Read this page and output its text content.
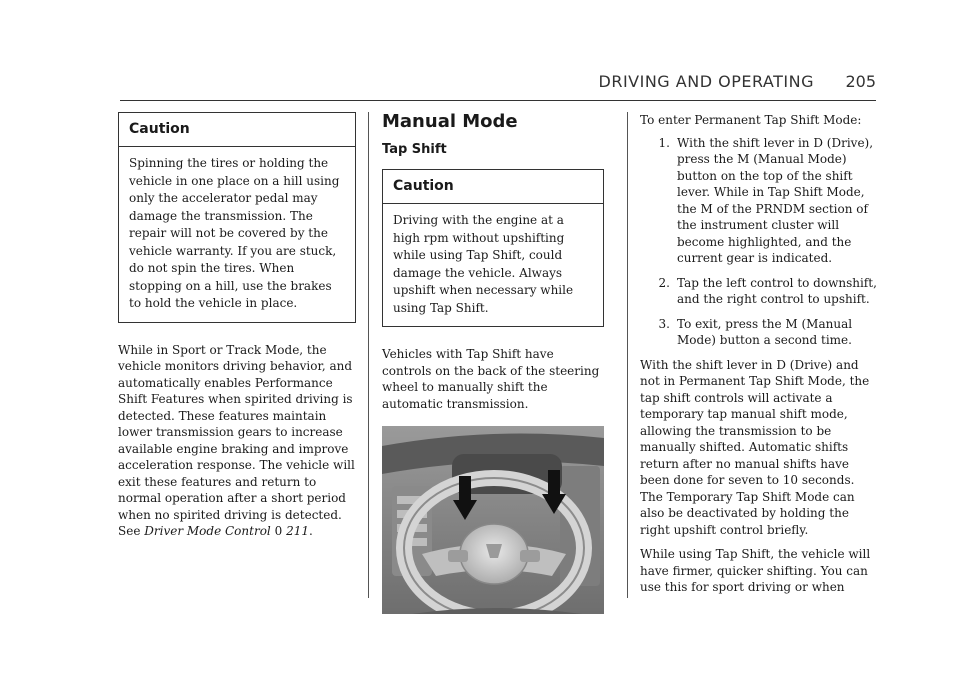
DRIVING AND OPERATING 205
Caution
Spinning the tires or holding the vehicle in one place on a hill using only the accelerator pedal may damage the transmission. The repair will not be covered by the vehicle warranty. If you are stuck, do not spin the tires. When stopping on a hill, use the brakes to hold the vehicle in place.

While in Sport or Track Mode, the vehicle monitors driving behavior, and automatically enables Performance Shift Features when spirited driving is detected. These features maintain lower transmission gears to increase available engine braking and improve acceleration response. The vehicle will exit these features and return to normal operation after a short period when no spirited driving is detected. See Driver Mode Control 0 211.

Manual Mode
Tap Shift
Caution
Driving with the engine at a high rpm without upshifting while using Tap Shift, could damage the vehicle. Always upshift when necessary while using Tap Shift.

Vehicles with Tap Shift have controls on the back of the steering wheel to manually shift the automatic transmission.

To enter Permanent Tap Shift Mode:

1. With the shift lever in D (Drive), press the M (Manual Mode) button on the top of the shift lever. While in Tap Shift Mode, the M of the PRNDM section of the instrument cluster will become highlighted, and the current gear is indicated.
2. Tap the left control to downshift, and the right control to upshift.
3. To exit, press the M (Manual Mode) button a second time.

With the shift lever in D (Drive) and not in Permanent Tap Shift Mode, the tap shift controls will activate a temporary tap manual shift mode, allowing the transmission to be manually shifted. Automatic shifts return after no manual shifts have been done for seven to 10 seconds. The Temporary Tap Shift Mode can also be deactivated by holding the right upshift control briefly.

While using Tap Shift, the vehicle will have firmer, quicker shifting. You can use this for sport driving or when
